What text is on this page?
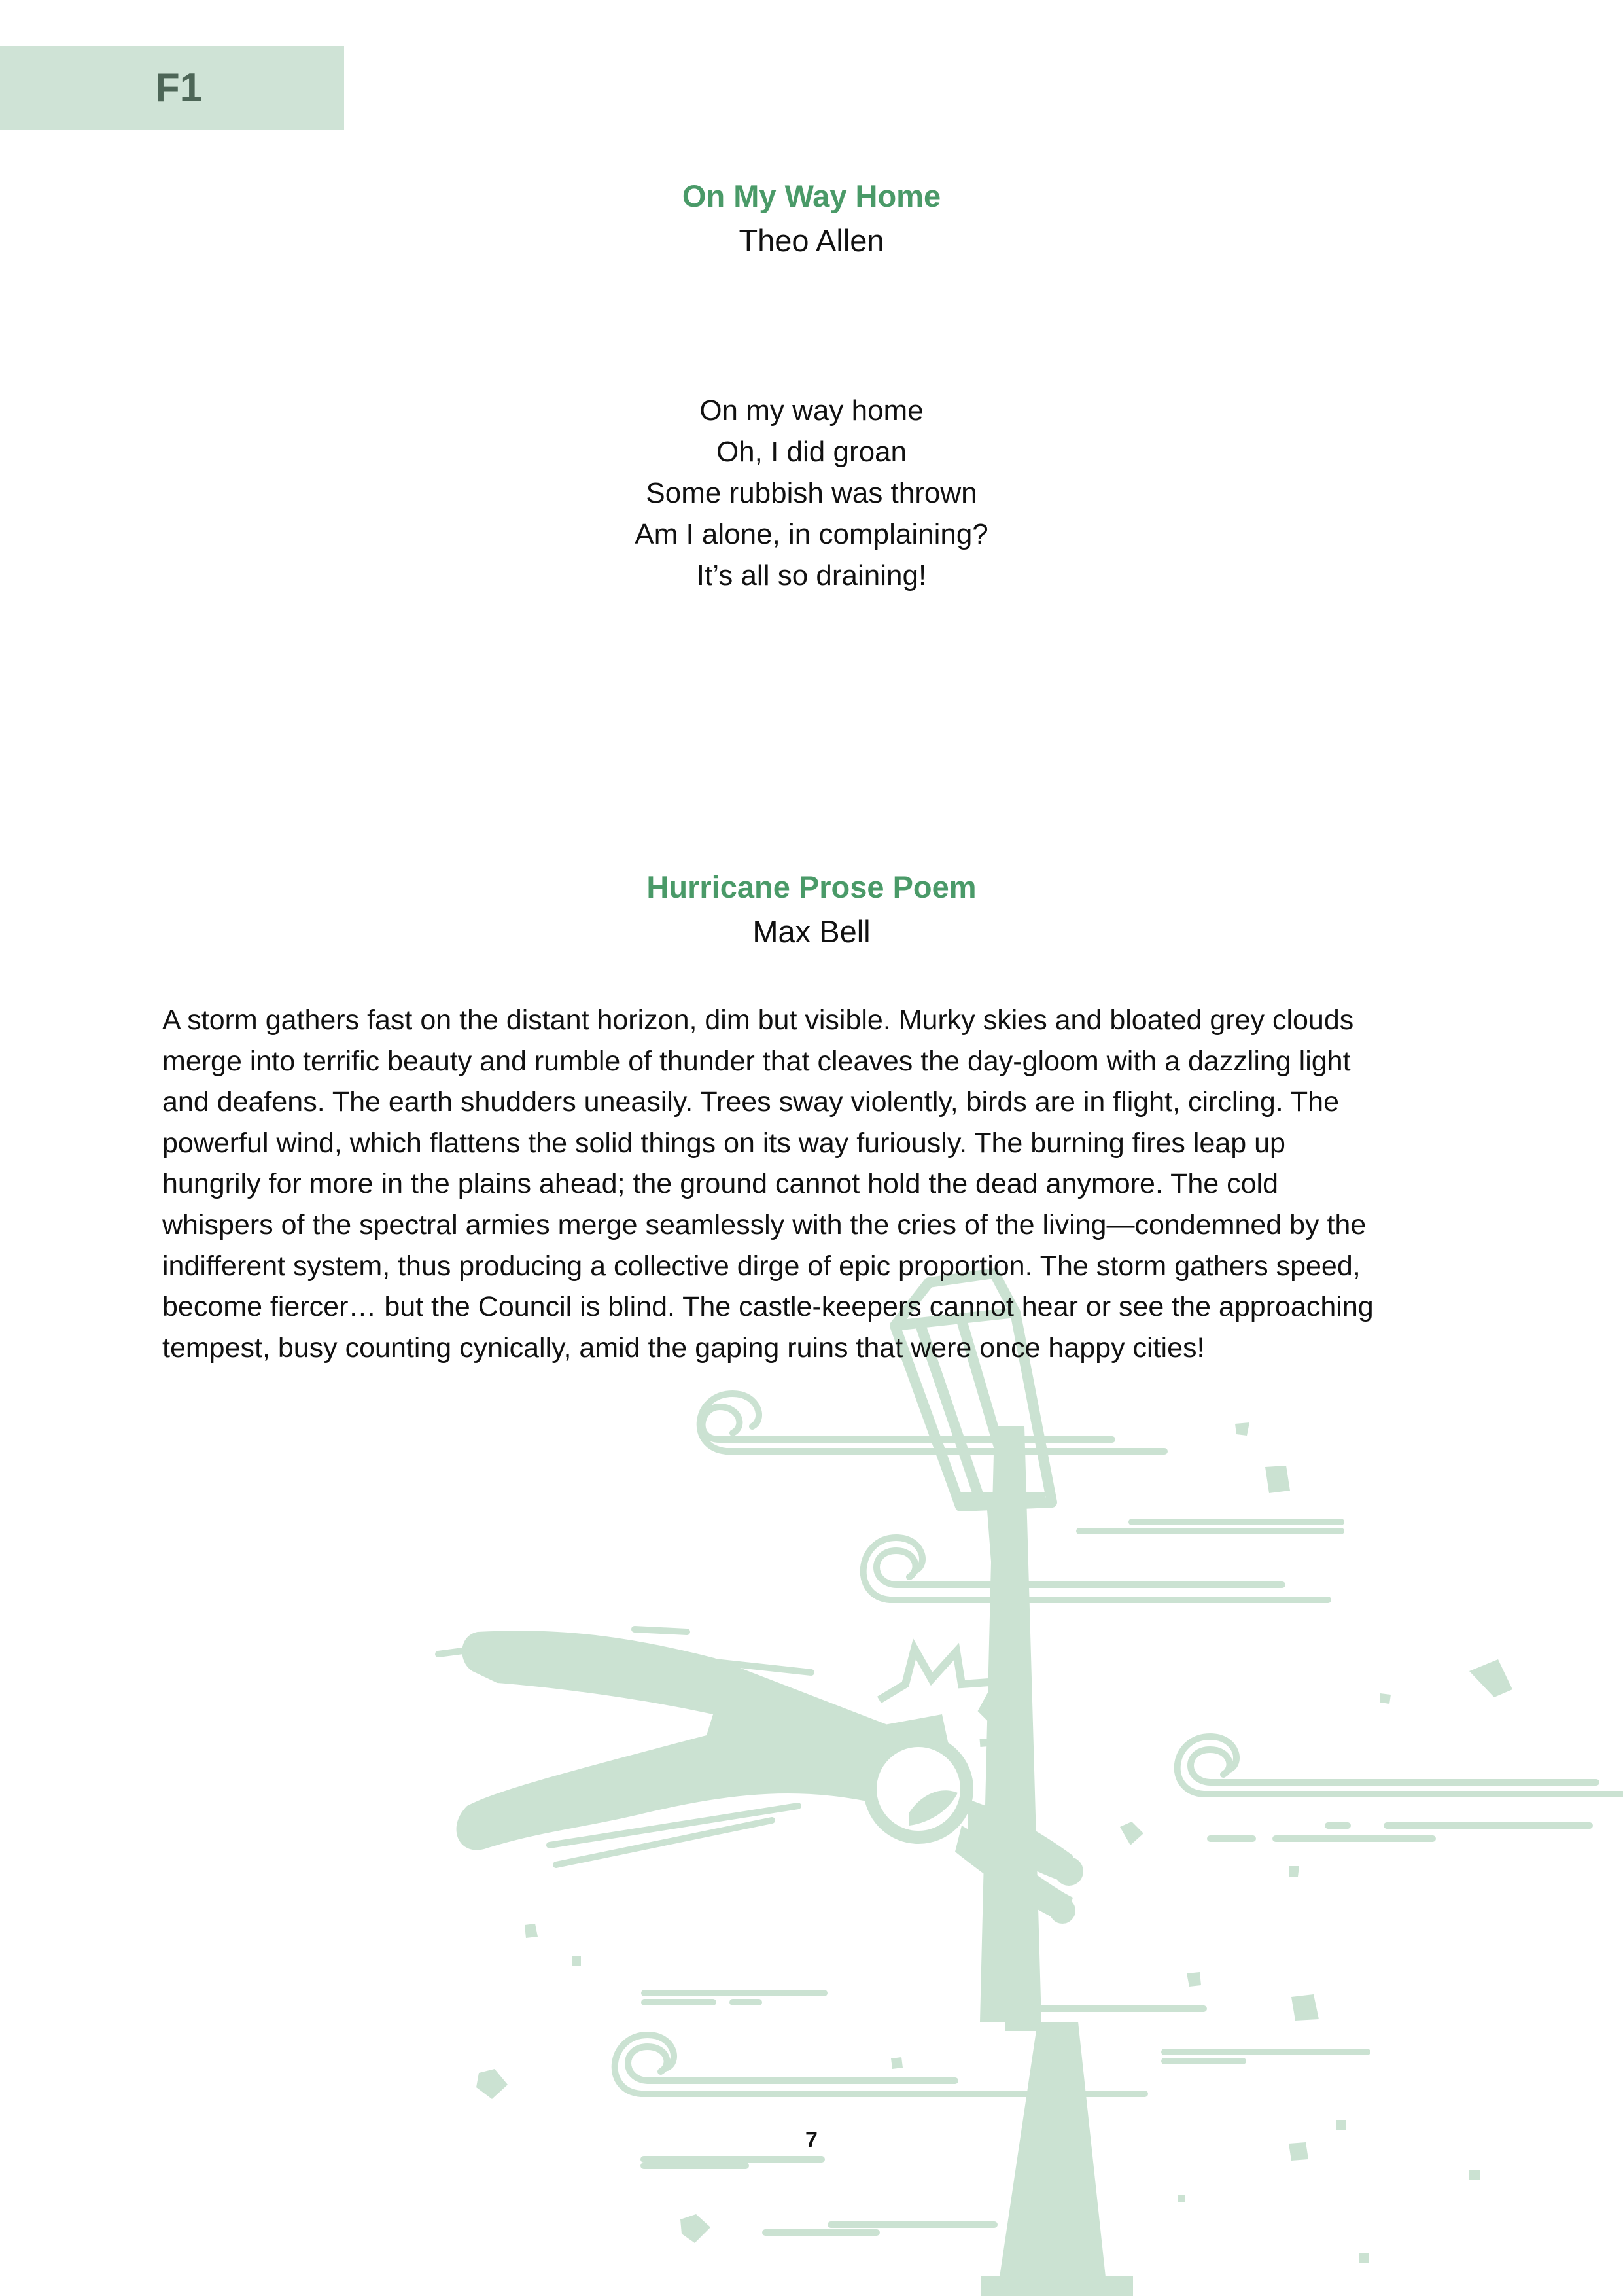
F1
On My Way Home
Theo Allen
On my way home
Oh, I did groan
Some rubbish was thrown
Am I alone, in complaining?
It’s all so draining!
Hurricane Prose Poem
Max Bell
A storm gathers fast on the distant horizon, dim but visible. Murky skies and bloated grey clouds
merge into terrific beauty and rumble of thunder that cleaves the day-gloom with a dazzling light
and deafens. The earth shudders uneasily. Trees sway violently, birds are in flight, circling. The
powerful wind, which flattens the solid things on its way furiously. The burning fires leap up
hungrily for more in the plains ahead; the ground cannot hold the dead anymore. The cold
whispers of the spectral armies merge seamlessly with the cries of the living—condemned by the
indifferent system, thus producing a collective dirge of epic proportion. The storm gathers speed,
become fiercer… but the Council is blind. The castle-keepers cannot hear or see the approaching
tempest, busy counting cynically, amid the gaping ruins that were once happy cities!
7
